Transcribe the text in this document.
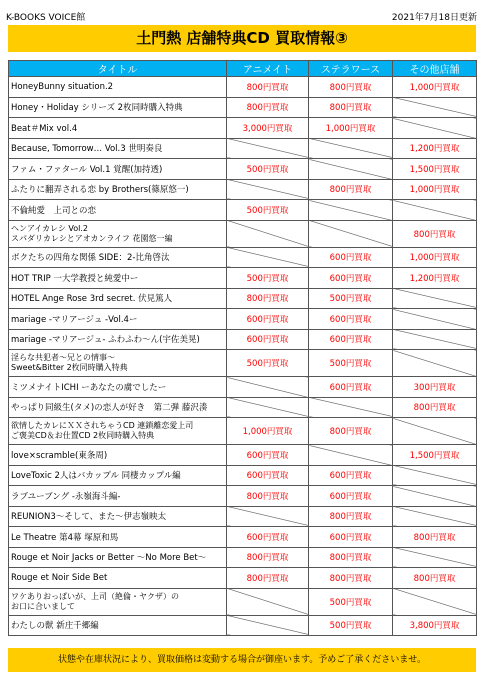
K-BOOKS VOICE館	2021年7月18日更新
土門熱 店舗特典CD 買取情報③
タイトル	アニメイト	ステラワース	その他店舗
HoneyBunny situation.2	800円買取	800円買取	1,000円買取
Honey・Holiday シリーズ 2枚同時購入特典	800円買取	800円買取	
Beat＃Mix vol.4	3,000円買取	1,000円買取	
Because, Tomorrow… Vol.3 世明奏良			1,200円買取
ファム・ファタール Vol.1 覚醒(加持透)	500円買取		1,500円買取
ふたりに翻弄される恋 by Brothers(篠原悠一)		800円買取	1,000円買取
不倫純愛　上司との恋	500円買取		
ヘンアイカレシ Vol.2
スパダリカレシとアオカンライフ 花園悠一編			800円買取
ボクたちの四角な関係 SIDE：2-比角啓汰		600円買取	1,000円買取
HOT TRIP 一大学教授と純愛中ー	500円買取	600円買取	1,200円買取
HOTEL Ange Rose 3rd secret. 伏見篤人	800円買取	500円買取	
mariage -マリアージュ -Vol.4ー	600円買取	600円買取	
mariage -マリアージュ- ふわふわ～ん(宇佐美晃)	600円買取	600円買取	
淫らな共犯者～兄との情事～
Sweet&Bitter 2枚同時購入特典	500円買取	500円買取	
ミツメナイトICHI ーあなたの虜でしたー		600円買取	300円買取
やっぱり同級生(タメ)の恋人が好き　第二弾 藤沢湊			800円買取
欲情したカレにＸＸされちゃうCD 連鎖離恋愛上司
ご褒美CD＆お仕置CD 2枚同時購入特典	1,000円買取	800円買取	
love×scramble(東条周)	600円買取		1,500円買取
LoveToxic 2人はバカップル 同棲カップル編	600円買取	600円買取	
ラブユーブング -永嶺海斗編-	800円買取	600円買取	
REUNION3～そして、また～伊志嶺映太		800円買取	
Le Theatre 第4幕 塚原和馬	600円買取	600円買取	800円買取
Rouge et Noir Jacks or Better ～No More Bet～	800円買取	800円買取	
Rouge et Noir Side Bet	800円買取	800円買取	800円買取
ワケありおっぱいが、上司（絶倫・ヤクザ）の
お口に合いまして		500円買取	
わたしの獣 新庄千郷編		500円買取	3,800円買取
状態や在庫状況により、買取価格は変動する場合が御座います。予めご了承くださいませ。
